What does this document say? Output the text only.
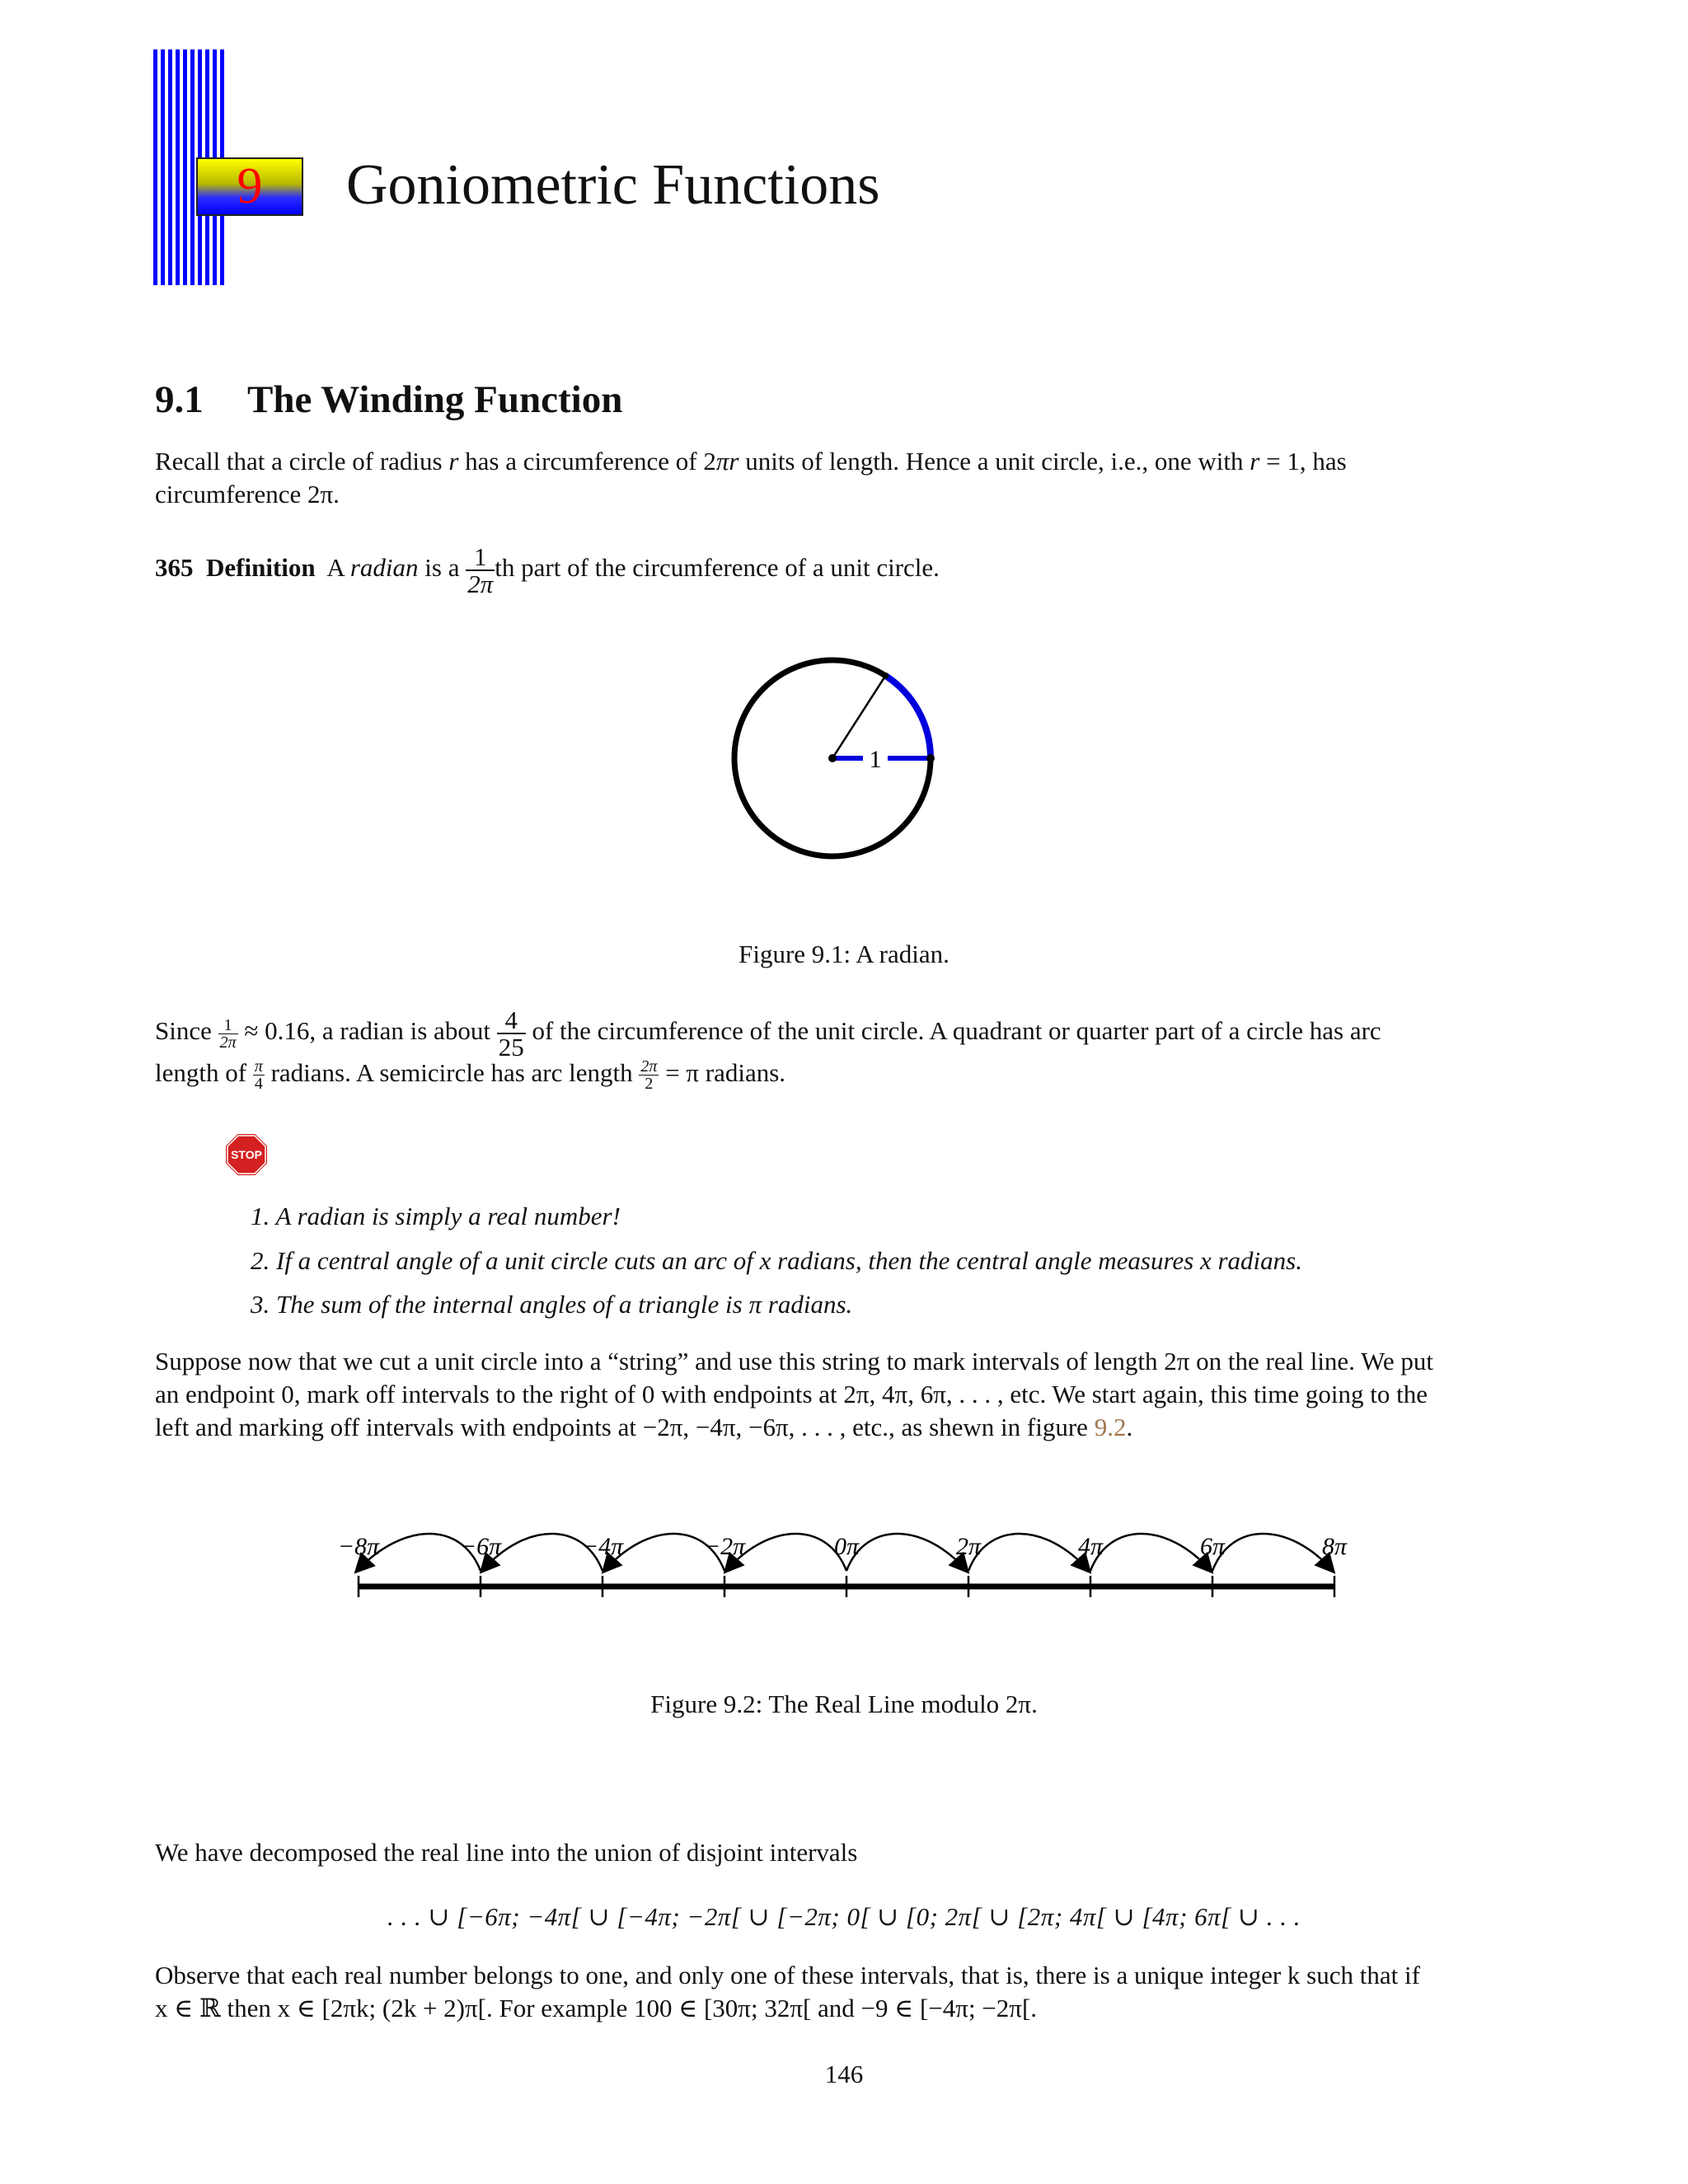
9 Goniometric Functions
9.1 The Winding Function
Recall that a circle of radius r has a circumference of 2πr units of length. Hence a unit circle, i.e., one with r = 1, has
circumference 2π.
365 Definition A radian is a $\frac{1}{2\pi}$ th part of the circumference of a unit circle.
1
Figure 9.1: A radian.
Since $\frac{1}{2\pi} \approx 0.16$, a radian is about $\frac{4}{25}$ of the circumference of the unit circle. A quadrant or quarter part of a circle has arc
length of $\frac{\pi}{4}$ radians. A semicircle has arc length $\frac{2\pi}{2} = \pi$ radians.
STOP
1. A radian is simply a real number!
2. If a central angle of a unit circle cuts an arc of x radians, then the central angle measures x radians.
3. The sum of the internal angles of a triangle is π radians.
Suppose now that we cut a unit circle into a “string” and use this string to mark intervals of length 2π on the real line. We put
an endpoint 0, mark off intervals to the right of 0 with endpoints at 2π, 4π, 6π, . . . , etc. We start again, this time going to the
left and marking off intervals with endpoints at −2π, −4π, −6π, . . . , etc., as shewn in figure 9.2.
−8π	−6π	−4π	−2π	0π	2π	4π	6π	8π
Figure 9.2: The Real Line modulo 2π.
We have decomposed the real line into the union of disjoint intervals
. . . ∪ [−6π; −4π[ ∪ [−4π; −2π[ ∪ [−2π; 0[ ∪ [0; 2π[ ∪ [2π; 4π[ ∪ [4π; 6π[ ∪ . . .
Observe that each real number belongs to one, and only one of these intervals, that is, there is a unique integer k such that if
x ∈ ℝ then x ∈ [2πk; (2k + 2)π[. For example 100 ∈ [30π; 32π[ and −9 ∈ [−4π; −2π[.
146
